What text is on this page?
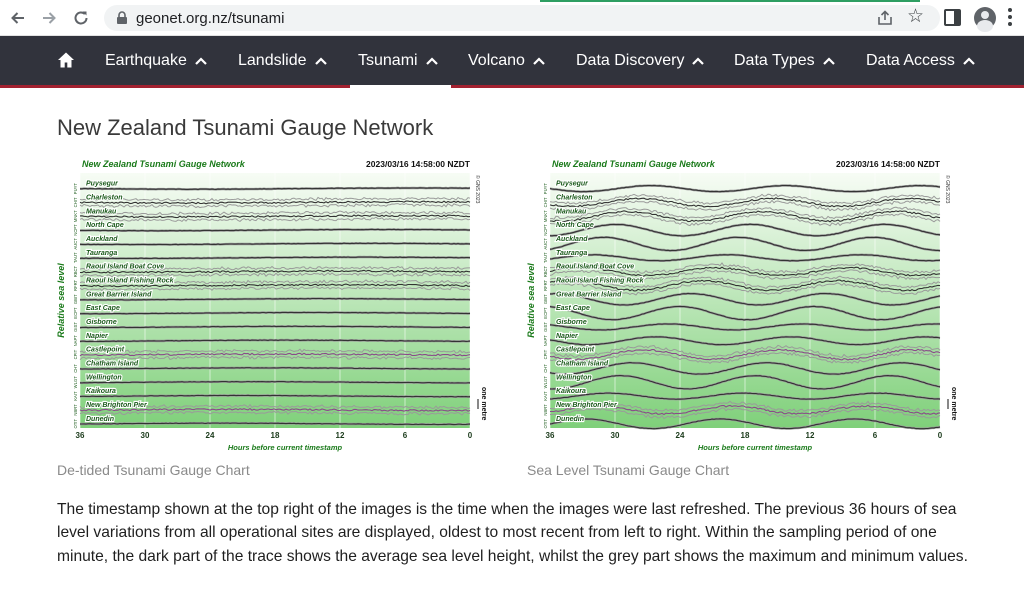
geonet.org.nz/tsunami	☆
Earthquake	Landslide	Tsunami	Volcano	Data Discovery	Data Types	Data Access
New Zealand Tsunami Gauge Network
New Zealand Tsunami Gauge Network	2023/03/16 14:58:00 NZDT
© GNS 2023
Relative sea level
Puysegur
PUYT
Charleston
CHIT
Manukau
MNKT
North Cape
NCPT
Auckland
AUCT
Tauranga
TAUT
Raoul Island Boat Cove
RBCT
Raoul Island Fishing Rock
RFRT
Great Barrier Island
GBIT
East Cape
ECPT
Gisborne
GIST
Napier
NAPT
Castlepoint
CPIT
Chatham Island
CHT
Wellington
WLGT
Kaikoura
KAIT
New Brighton Pier
NBRT
Dunedin
OTIT
36	30	24	18	12	6	0
Hours before current timestamp
one metre
New Zealand Tsunami Gauge Network	2023/03/16 14:58:00 NZDT
© GNS 2023
Relative sea level
Puysegur
PUYT
Charleston
CHIT
Manukau
MNKT
North Cape
NCPT
Auckland
AUCT
Tauranga
TAUT
Raoul Island Boat Cove
RBCT
Raoul Island Fishing Rock
RFRT
Great Barrier Island
GBIT
East Cape
ECPT
Gisborne
GIST
Napier
NAPT
Castlepoint
CPIT
Chatham Island
CHT
Wellington
WLGT
Kaikoura
KAIT
New Brighton Pier
NBRT
Dunedin
OTIT
36	30	24	18	12	6	0
Hours before current timestamp
one metre
De-tided Tsunami Gauge Chart	Sea Level Tsunami Gauge Chart

The timestamp shown at the top right of the images is the time when the images were last refreshed. The previous 36 hours of sea level variations from all operational sites are displayed, oldest to most recent from left to right. Within the sampling period of one minute, the dark part of the trace shows the average sea level height, whilst the grey part shows the maximum and minimum values.
